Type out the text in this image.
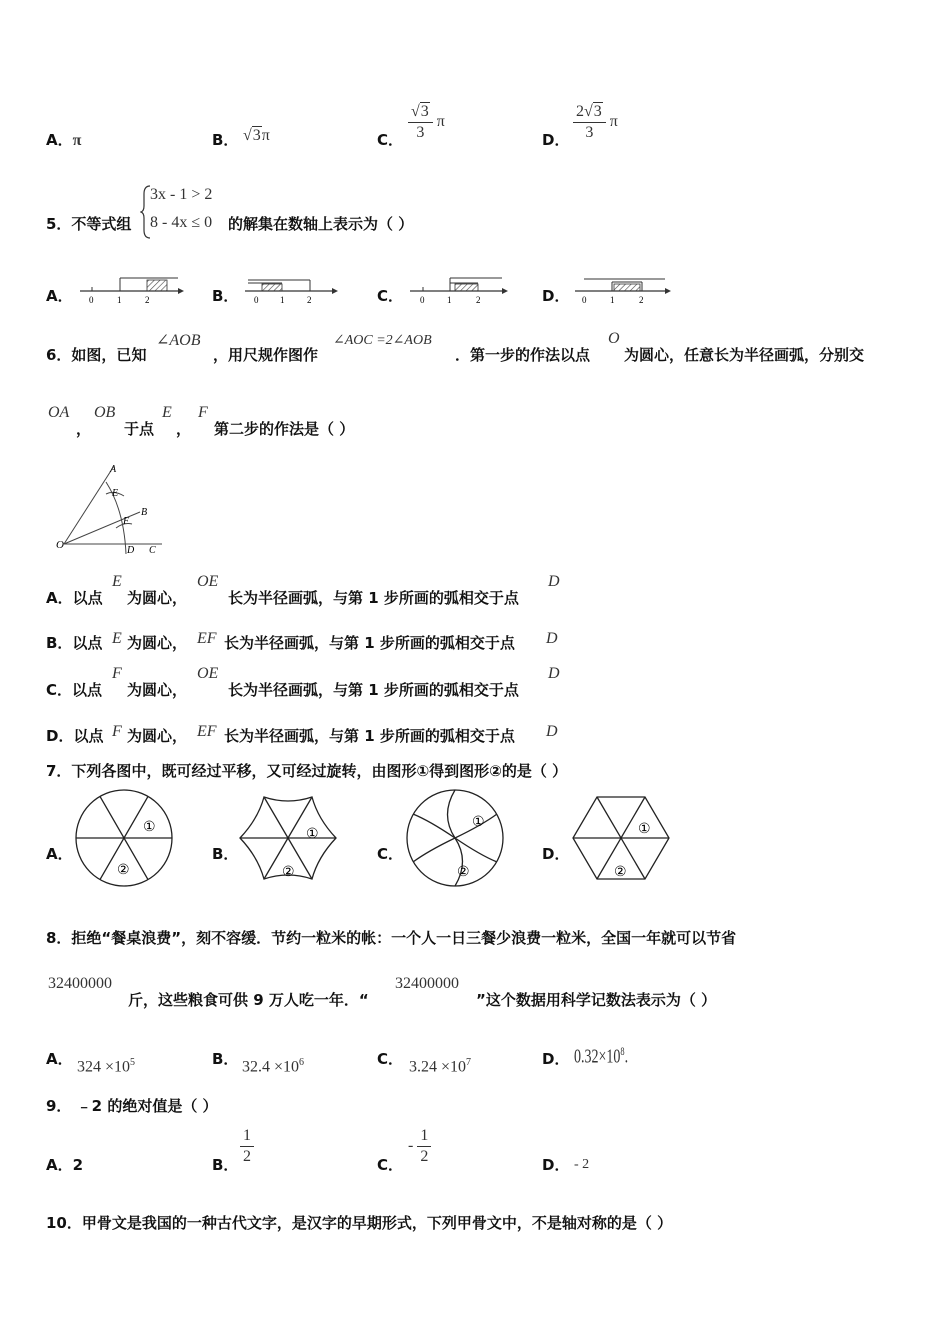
A．π	B． √3π	C． $\frac{√3}{3}$ π
D． $\frac{2√3}{3}$ π
5．不等式组
3x - 1 > 2
8 - 4x ≤ 0 的解集在数轴上表示为（ ）
A．	B．	C．	D．
0	1	2	0 1	2	0	1	2	0	1	2
6．如图，已知
∠AOB
，用尺规作图作
∠AOC =2∠AOB
．第一步的作法以点
O
为圆心，任意长为半径画弧，分别交
OA
，
OB
于点
E
，
F
第二步的作法是（ ）
A
E
B
F
O	D C
A．以点
E
为圆心，
OE
长为半径画弧，与第 1 步所画的弧相交于点
D
B．以点 E 为圆心， EF 长为半径画弧，与第 1 步所画的弧相交于点 D
C．以点
F
为圆心，
OE
长为半径画弧，与第 1 步所画的弧相交于点
D
D．以点 F 为圆心， EF 长为半径画弧，与第 1 步所画的弧相交于点 D
7．下列各图中，既可经过平移，又可经过旋转，由图形①得到图形②的是（ ）
A．	B．	C．	D．
①
②
①
②
①
②
①
②
8．拒绝“餐桌浪费”，刻不容缓．节约一粒米的帐：一个人一日三餐少浪费一粒米，全国一年就可以节省
32400000
斤，这些粮食可供 9 万人吃一年．“
32400000
”这个数据用科学记数法表示为（ ）
A． $324 \times 10^5$	B． $32.4 \times 10^6$	C． $3.24 \times 10^7$	D． $0.32\times 10^8$.
9． ﹣2 的绝对值是（ ）
A．2	B． $\frac{1}{2}$	C．
- $\frac{1}{2}$	D． - 2
10．甲骨文是我国的一种古代文字，是汉字的早期形式，下列甲骨文中，不是轴对称的是（ ）
